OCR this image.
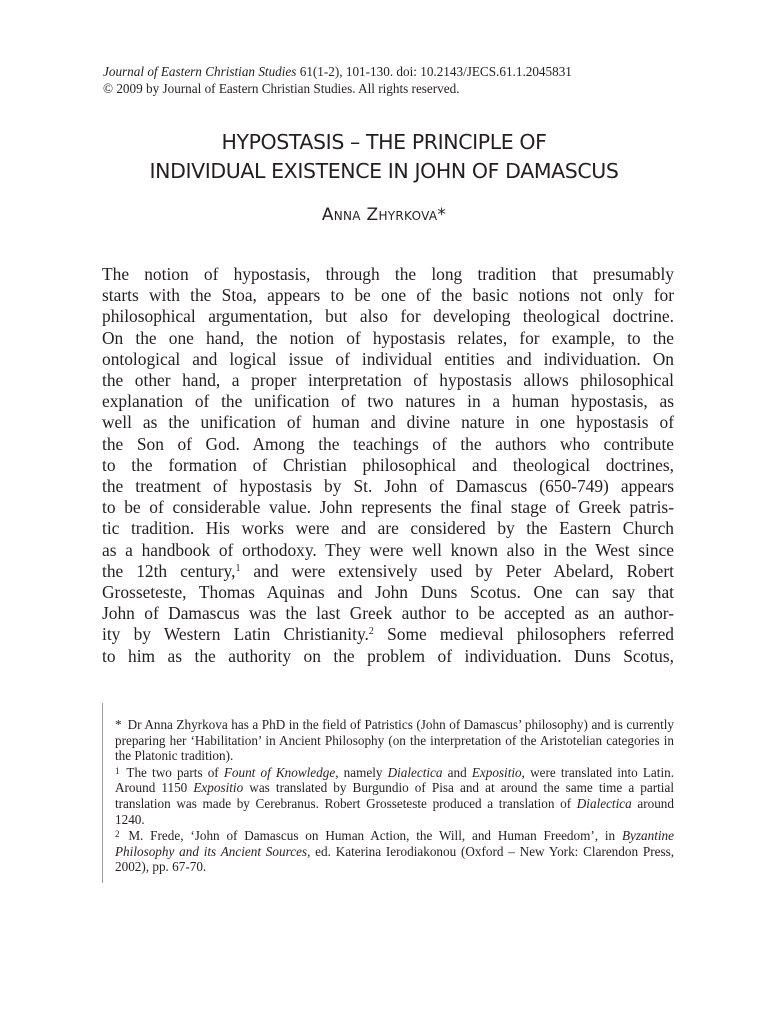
Journal of Eastern Christian Studies 61(1-2), 101-130. doi: 10.2143/JECS.61.1.2045831
© 2009 by Journal of Eastern Christian Studies. All rights reserved.
HYPOSTASIS – THE PRINCIPLE OF
INDIVIDUAL EXISTENCE IN JOHN OF DAMASCUS
Anna Zhyrkova*
The notion of hypostasis, through the long tradition that presumably
starts with the Stoa, appears to be one of the basic notions not only for
philosophical argumentation, but also for developing theological doctrine.
On the one hand, the notion of hypostasis relates, for example, to the
ontological and logical issue of individual entities and individuation. On
the other hand, a proper interpretation of hypostasis allows philosophical
explanation of the unification of two natures in a human hypostasis, as
well as the unification of human and divine nature in one hypostasis of
the Son of God. Among the teachings of the authors who contribute
to the formation of Christian philosophical and theological doctrines,
the treatment of hypostasis by St. John of Damascus (650-749) appears
to be of considerable value. John represents the final stage of Greek patris-
tic tradition. His works were and are considered by the Eastern Church
as a handbook of orthodoxy. They were well known also in the West since
the 12th century,$^1$ and were extensively used by Peter Abelard, Robert
Grosseteste, Thomas Aquinas and John Duns Scotus. One can say that
John of Damascus was the last Greek author to be accepted as an author-
ity by Western Latin Christianity.$^2$ Some medieval philosophers referred
to him as the authority on the problem of individuation. Duns Scotus,

* Dr Anna Zhyrkova has a PhD in the field of Patristics (John of Damascus’ philosophy) and is currently preparing her ‘Habilitation’ in Ancient Philosophy (on the interpretation of the Aristotelian categories in the Platonic tradition).

$^1$ The two parts of Fount of Knowledge, namely Dialectica and Expositio, were translated into Latin. Around 1150 Expositio was translated by Burgundio of Pisa and at around the same time a partial translation was made by Cerebranus. Robert Grosseteste produced a translation of Dialectica around 1240.

$^2$ M. Frede, ‘John of Damascus on Human Action, the Will, and Human Freedom’, in Byzantine Philosophy and its Ancient Sources, ed. Katerina Ierodiakonou (Oxford – New York: Clarendon Press, 2002), pp. 67-70.
